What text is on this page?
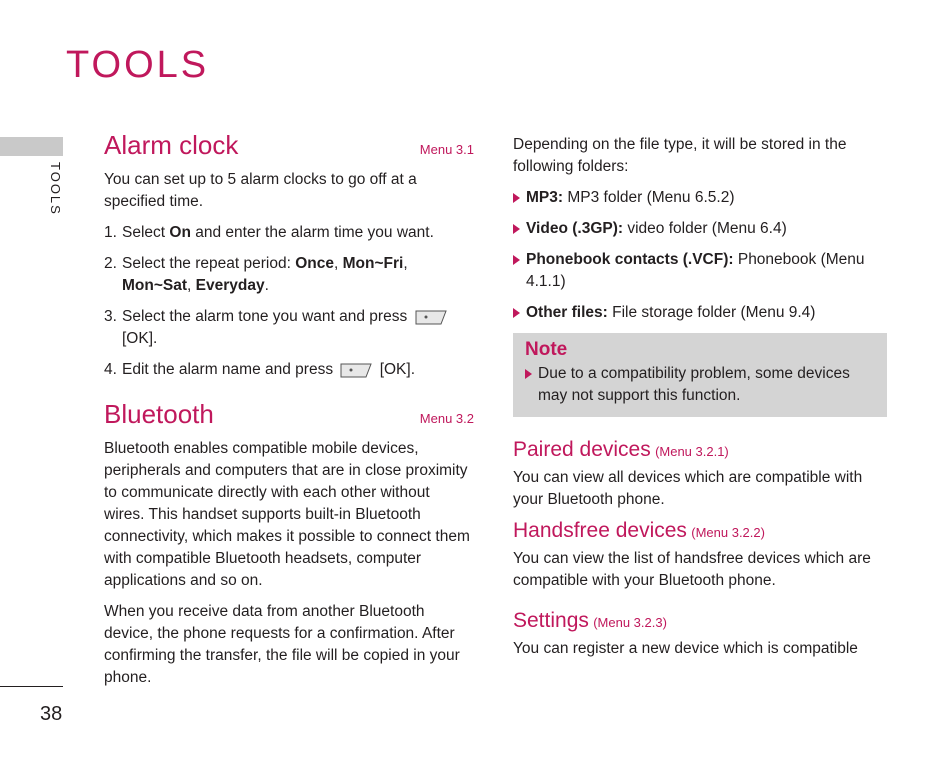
TOOLS
TOOLS
38
Alarm clock	Menu 3.1

You can set up to 5 alarm clocks to go off at a specified time.

1. Select On and enter the alarm time you want.
2. Select the repeat period: Once, Mon~Fri, Mon~Sat, Everyday.
3. Select the alarm tone you want and press
[OK].
4. Edit the alarm name and press
[OK].
Bluetooth	Menu 3.2

Bluetooth enables compatible mobile devices, peripherals and computers that are in close proximity to communicate directly with each other without wires. This handset supports built-in Bluetooth connectivity, which makes it possible to connect them with compatible Bluetooth headsets, computer applications and so on.

When you receive data from another Bluetooth device, the phone requests for a confirmation. After confirming the transfer, the file will be copied in your phone.

Depending on the file type, it will be stored in the following folders:

MP3: MP3 folder (Menu 6.5.2)
Video (.3GP): video folder (Menu 6.4)
Phonebook contacts (.VCF): Phonebook (Menu 4.1.1)
Other files: File storage folder (Menu 9.4)
Note
Due to a compatibility problem, some devices may not support this function.
Paired devices (Menu 3.2.1)

You can view all devices which are compatible with your Bluetooth phone.

Handsfree devices (Menu 3.2.2)

You can view the list of handsfree devices which are compatible with your Bluetooth phone.

Settings (Menu 3.2.3)

You can register a new device which is compatible
